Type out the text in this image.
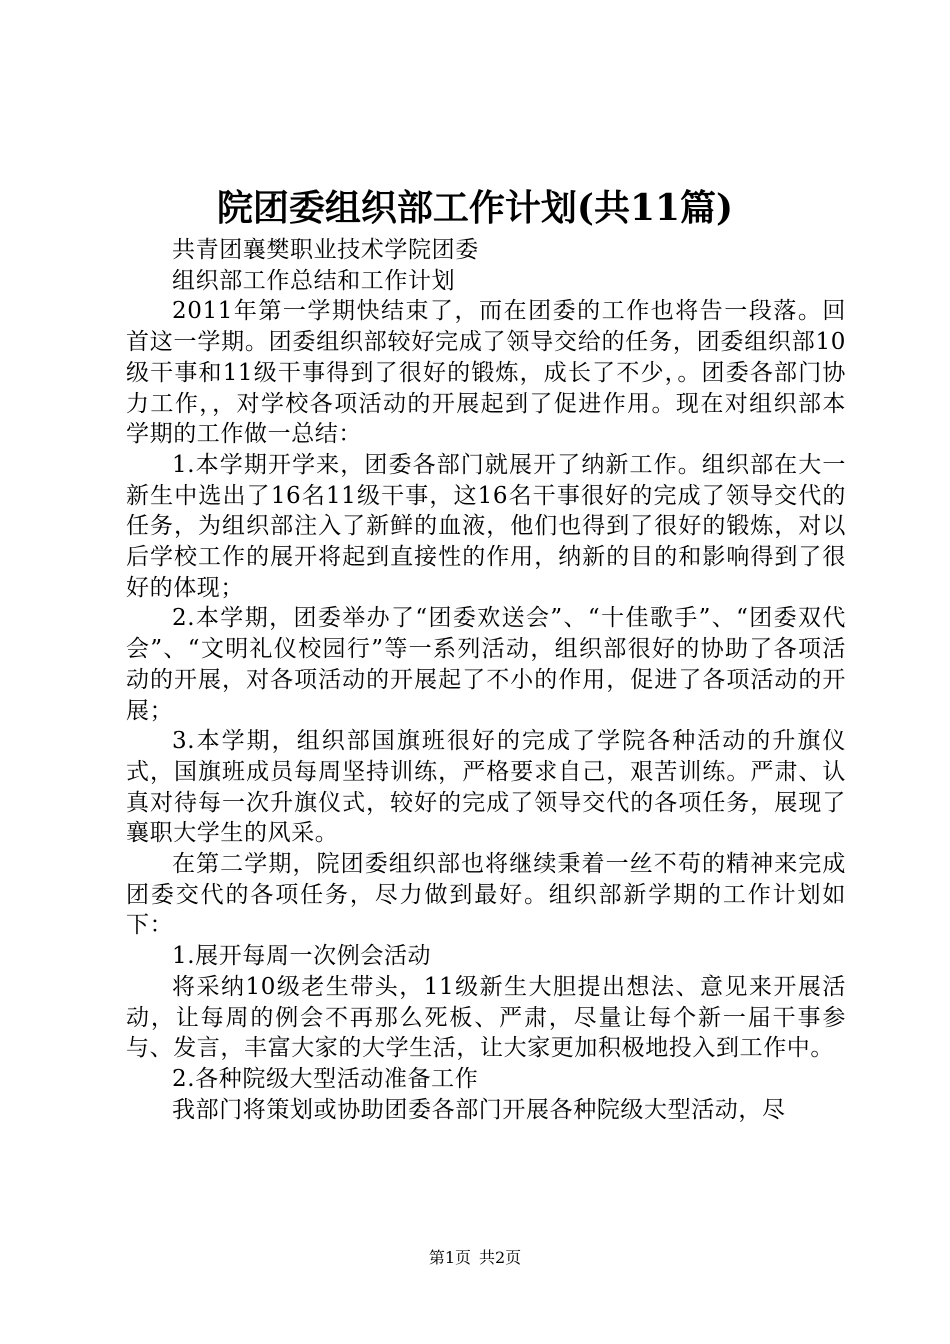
院团委组织部工作计划(共11篇)

共青团襄樊职业技术学院团委

组织部工作总结和工作计划

2011年第一学期快结束了，而在团委的工作也将告一段落。回首这一学期。团委组织部较好完成了领导交给的任务，团委组织部10级干事和11级干事得到了很好的锻炼，成长了不少，。团委各部门协力工作，，对学校各项活动的开展起到了促进作用。现在对组织部本学期的工作做一总结：

1.本学期开学来，团委各部门就展开了纳新工作。组织部在大一新生中选出了16名11级干事，这16名干事很好的完成了领导交代的任务，为组织部注入了新鲜的血液，他们也得到了很好的锻炼，对以后学校工作的展开将起到直接性的作用，纳新的目的和影响得到了很好的体现；

2.本学期，团委举办了“团委欢送会”、“十佳歌手”、“团委双代会”、“文明礼仪校园行”等一系列活动，组织部很好的协助了各项活动的开展，对各项活动的开展起了不小的作用，促进了各项活动的开展；

3.本学期，组织部国旗班很好的完成了学院各种活动的升旗仪式，国旗班成员每周坚持训练，严格要求自己，艰苦训练。严肃、认真对待每一次升旗仪式，较好的完成了领导交代的各项任务，展现了襄职大学生的风采。

在第二学期，院团委组织部也将继续秉着一丝不苟的精神来完成团委交代的各项任务，尽力做到最好。组织部新学期的工作计划如下：

1.展开每周一次例会活动

将采纳10级老生带头，11级新生大胆提出想法、意见来开展活动，让每周的例会不再那么死板、严肃，尽量让每个新一届干事参与、发言，丰富大家的大学生活，让大家更加积极地投入到工作中。

2.各种院级大型活动准备工作

我部门将策划或协助团委各部门开展各种院级大型活动，尽

第1页 共2页
